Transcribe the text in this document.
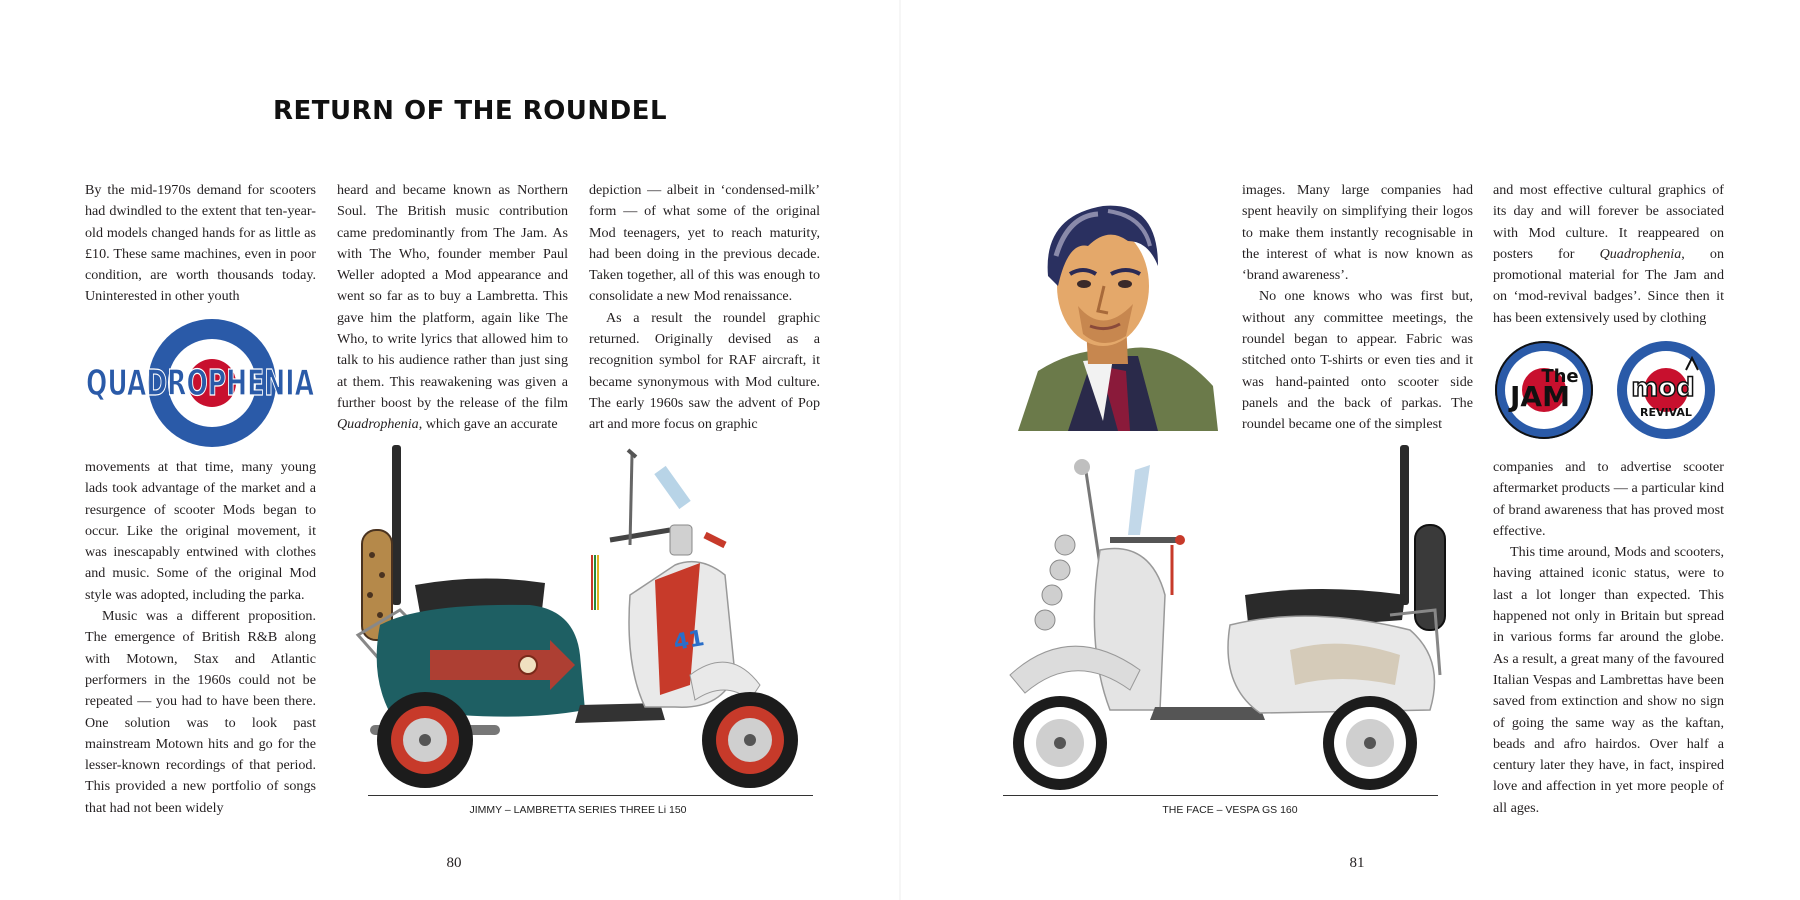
RETURN OF THE ROUNDEL

By the mid-1970s demand for scooters had dwindled to the extent that ten-year-old models changed hands for as little as £10. These same machines, even in poor condition, are worth thousands today. Uninterested in other youth

QUADROPHENIA

movements at that time, many young lads took advantage of the market and a resurgence of scooter Mods began to occur. Like the original movement, it was inescapably entwined with clothes and music. Some of the original Mod style was adopted, including the parka.

Music was a different proposition. The emergence of British R&B along with Motown, Stax and Atlantic performers in the 1960s could not be repeated — you had to have been there. One solution was to look past mainstream Motown hits and go for the lesser-known recordings of that period. This provided a new portfolio of songs that had not been widely

heard and became known as Northern Soul. The British music contribution came predominantly from The Jam. As with The Who, founder member Paul Weller adopted a Mod appearance and went so far as to buy a Lambretta. This gave him the platform, again like The Who, to write lyrics that allowed him to talk to his audience rather than just sing at them. This reawakening was given a further boost by the release of the film Quadrophenia, which gave an accurate

depiction — albeit in ‘condensed-milk’ form — of what some of the original Mod teenagers, yet to reach maturity, had been doing in the previous decade. Taken together, all of this was enough to consolidate a new Mod renaissance.

As a result the roundel graphic returned. Originally devised as a recognition symbol for RAF aircraft, it became synonymous with Mod culture. The early 1960s saw the advent of Pop art and more focus on graphic

41
JIMMY – LAMBRETTA SERIES THREE Li 150
80

images. Many large companies had spent heavily on simplifying their logos to make them instantly recognisable in the interest of what is now known as ‘brand awareness’.

No one knows who was first but, without any committee meetings, the roundel began to appear. Fabric was stitched onto T-shirts or even ties and it was hand-painted onto scooter side panels and the back of parkas. The roundel became one of the simplest

and most effective cultural graphics of its day and will forever be associated with Mod culture. It reappeared on posters for Quadrophenia, on promotional material for The Jam and on ‘mod-revival badges’. Since then it has been extensively used by clothing

The
JAM mod
REVIVAL

companies and to advertise scooter aftermarket products — a particular kind of brand awareness that has proved most effective.

This time around, Mods and scooters, having attained iconic status, were to last a lot longer than expected. This happened not only in Britain but spread in various forms far around the globe. As a result, a great many of the favoured Italian Vespas and Lambrettas have been saved from extinction and show no sign of going the same way as the kaftan, beads and afro hairdos. Over half a century later they have, in fact, inspired love and affection in yet more people of all ages.

THE FACE – VESPA GS 160
81
